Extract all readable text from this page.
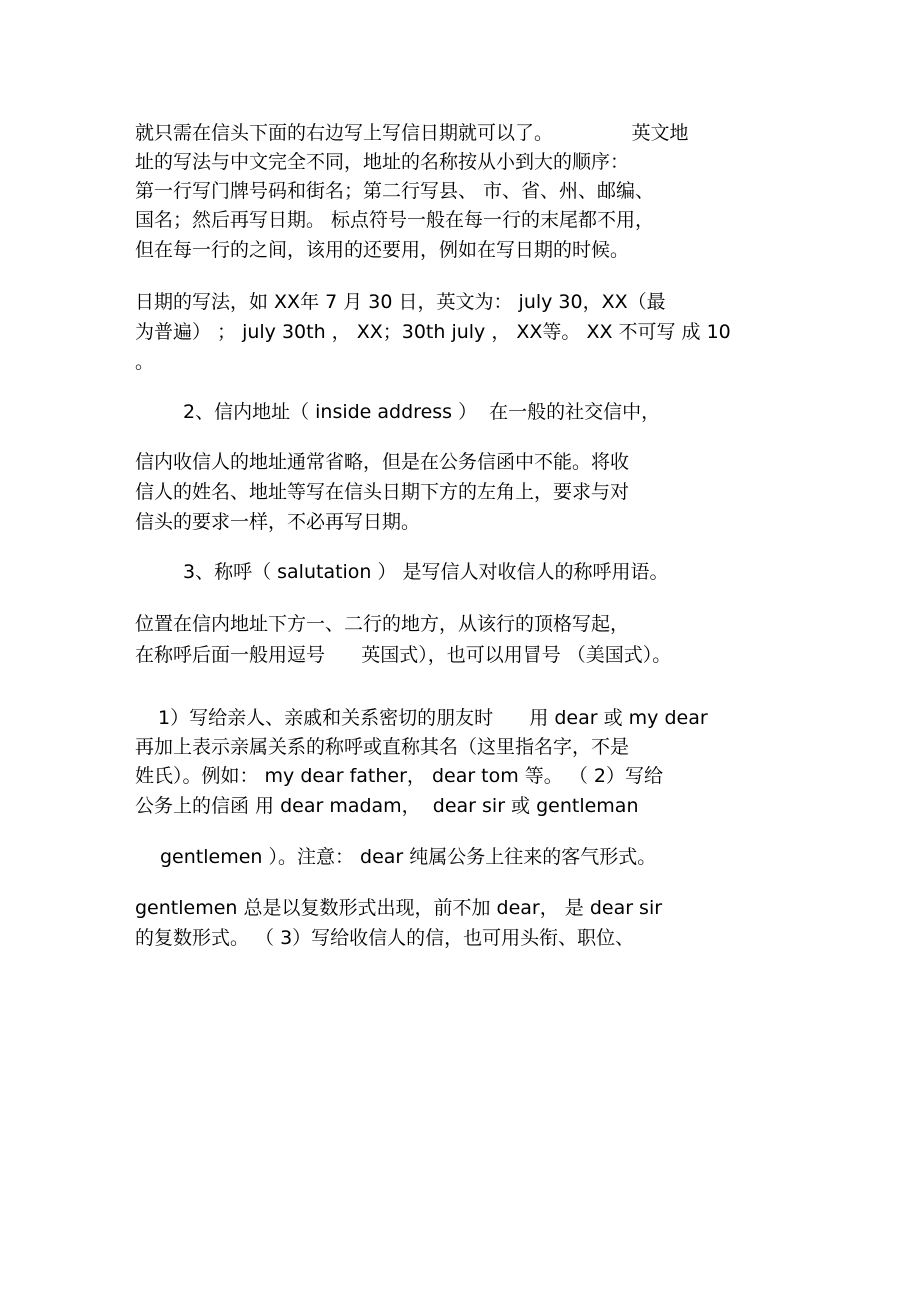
就只需在信头下面的右边写上写信日期就可以了。             英文地
址的写法与中文完全不同，地址的名称按从小到大的顺序：
第一行写门牌号码和街名；第二行写县、 市、省、州、邮编、
国名；然后再写日期。 标点符号一般在每一行的末尾都不用，
但在每一行的之间，该用的还要用，例如在写日期的时候。
日期的写法，如 XX年 7 月 30 日，英文为： july 30，XX（最
为普遍） ； july 30th ， XX；30th july ， XX等。 XX 不可写 成 10
。
2、信内地址（ inside address ）  在一般的社交信中，
信内收信人的地址通常省略，但是在公务信函中不能。将收
信人的姓名、地址等写在信头日期下方的左角上，要求与对
信头的要求一样，不必再写日期。
3、称呼（ salutation ） 是写信人对收信人的称呼用语。
位置在信内地址下方一、二行的地方，从该行的顶格写起，
在称呼后面一般用逗号      英国式），也可以用冒号 （美国式）。
1）写给亲人、亲戚和关系密切的朋友时      用 dear 或 my dear
再加上表示亲属关系的称呼或直称其名（这里指名字，不是
姓氏）。例如： my dear father， dear tom 等。 （ 2）写给
公务上的信函 用 dear madam，  dear sir 或 gentleman
gentlemen ）。注意： dear 纯属公务上往来的客气形式。
gentlemen 总是以复数形式出现，前不加 dear， 是 dear sir
的复数形式。 （ 3）写给收信人的信，也可用头衔、职位、
